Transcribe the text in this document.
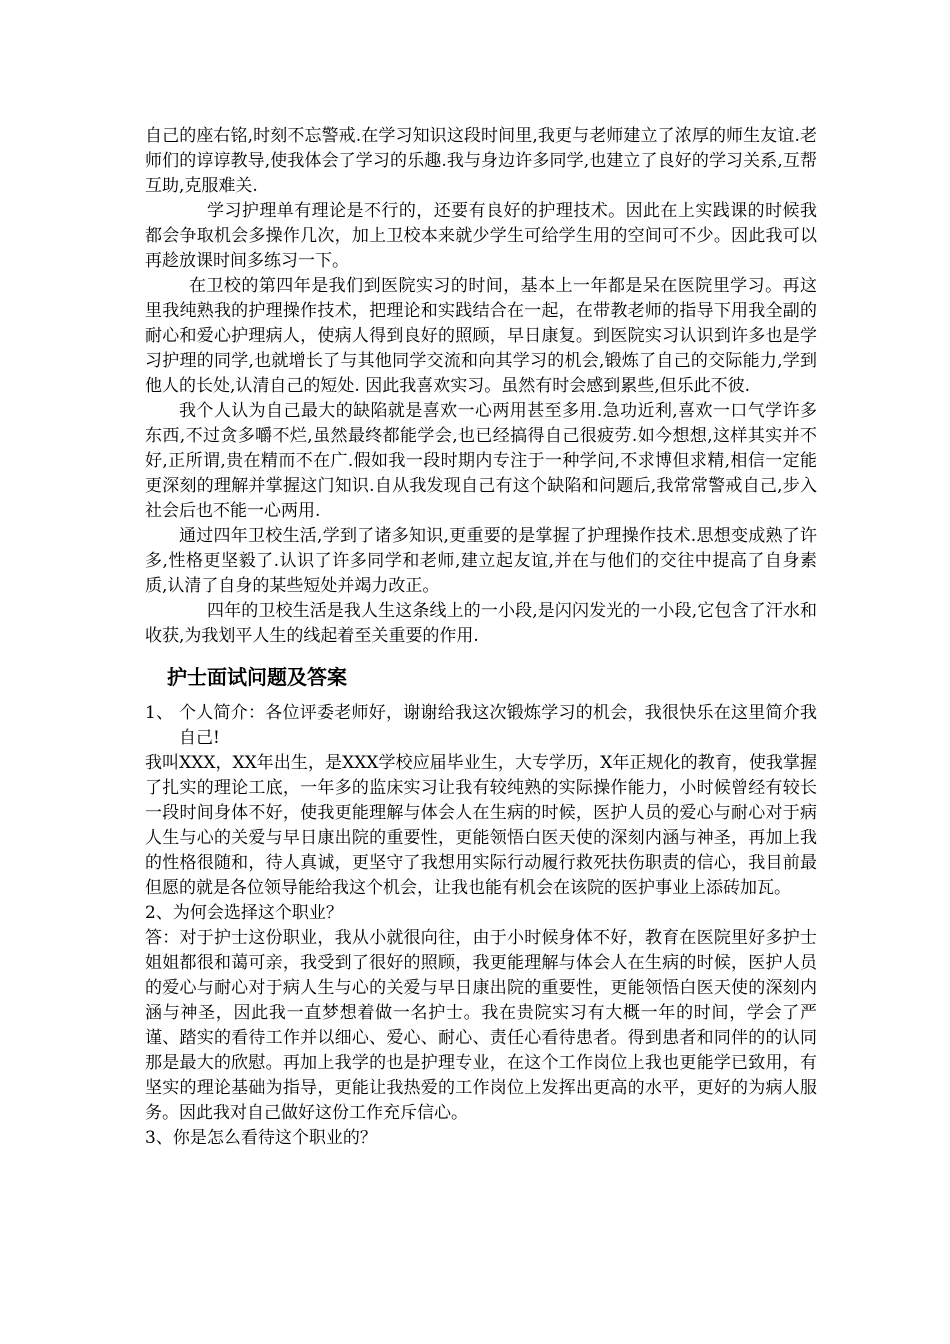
自己的座右铭,时刻不忘警戒.在学习知识这段时间里,我更与老师建立了浓厚的师生友谊.老师们的谆谆教导,使我体会了学习的乐趣.我与身边许多同学,也建立了良好的学习关系,互帮互助,克服难关.

学习护理单有理论是不行的，还要有良好的护理技术。因此在上实践课的时候我都会争取机会多操作几次，加上卫校本来就少学生可给学生用的空间可不少。因此我可以再趁放课时间多练习一下。

在卫校的第四年是我们到医院实习的时间，基本上一年都是呆在医院里学习。再这里我纯熟我的护理操作技术，把理论和实践结合在一起，在带教老师的指导下用我全副的耐心和爱心护理病人，使病人得到良好的照顾，早日康复。到医院实习认识到许多也是学习护理的同学,也就增长了与其他同学交流和向其学习的机会,锻炼了自己的交际能力,学到他人的长处,认清自己的短处. 因此我喜欢实习。虽然有时会感到累些,但乐此不彼.

我个人认为自己最大的缺陷就是喜欢一心两用甚至多用.急功近利,喜欢一口气学许多东西,不过贪多嚼不烂,虽然最终都能学会,也已经搞得自己很疲劳.如今想想,这样其实并不好,正所谓,贵在精而不在广.假如我一段时期内专注于一种学问,不求博但求精,相信一定能更深刻的理解并掌握这门知识.自从我发现自己有这个缺陷和问题后,我常常警戒自己,步入社会后也不能一心两用.

通过四年卫校生活,学到了诸多知识,更重要的是掌握了护理操作技术.思想变成熟了许多,性格更坚毅了.认识了许多同学和老师,建立起友谊,并在与他们的交往中提高了自身素质,认清了自身的某些短处并竭力改正。

四年的卫校生活是我人生这条线上的一小段,是闪闪发光的一小段,它包含了汗水和收获,为我划平人生的线起着至关重要的作用.

护士面试问题及答案

1、 个人简介：各位评委老师好，谢谢给我这次锻炼学习的机会，我很快乐在这里简介我自己!

我叫XXX，XX年出生，是XXX学校应届毕业生，大专学历，X年正规化的教育，使我掌握了扎实的理论工底，一年多的监床实习让我有较纯熟的实际操作能力，小时候曾经有较长一段时间身体不好，使我更能理解与体会人在生病的时候，医护人员的爱心与耐心对于病人生与心的关爱与早日康出院的重要性，更能领悟白医天使的深刻内涵与神圣，再加上我的性格很随和，待人真诚，更坚守了我想用实际行动履行救死扶伤职责的信心，我目前最但愿的就是各位领导能给我这个机会，让我也能有机会在该院的医护事业上添砖加瓦。

2、为何会选择这个职业？

答：对于护士这份职业，我从小就很向往，由于小时候身体不好，教育在医院里好多护士姐姐都很和蔼可亲，我受到了很好的照顾，我更能理解与体会人在生病的时候，医护人员的爱心与耐心对于病人生与心的关爱与早日康出院的重要性，更能领悟白医天使的深刻内涵与神圣，因此我一直梦想着做一名护士。我在贵院实习有大概一年的时间，学会了严谨、踏实的看待工作并以细心、爱心、耐心、责任心看待患者。得到患者和同伴的的认同那是最大的欣慰。再加上我学的也是护理专业，在这个工作岗位上我也更能学已致用，有坚实的理论基础为指导，更能让我热爱的工作岗位上发挥出更高的水平，更好的为病人服务。因此我对自己做好这份工作充斥信心。

3、你是怎么看待这个职业的？
